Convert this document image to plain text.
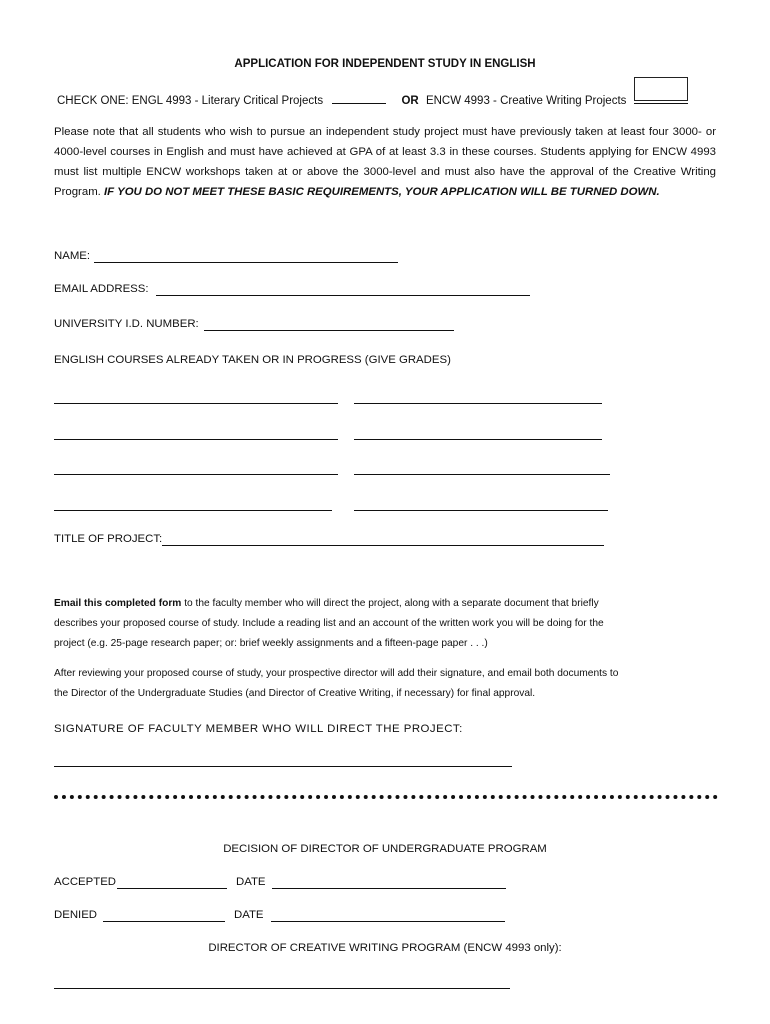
APPLICATION FOR INDEPENDENT STUDY IN ENGLISH
CHECK ONE: ENGL 4993 - Literary Critical Projects	OR ENCW 4993 - Creative Writing Projects
Please note that all students who wish to pursue an independent study project must have previously taken at least four 3000- or 4000-level courses in English and must have achieved at GPA of at least 3.3 in these courses. Students applying for ENCW 4993 must list multiple ENCW workshops taken at or above the 3000-level and must also have the approval of the Creative Writing Program. IF YOU DO NOT MEET THESE BASIC REQUIREMENTS, YOUR APPLICATION WILL BE TURNED DOWN.
NAME:
EMAIL ADDRESS:
UNIVERSITY I.D. NUMBER:
ENGLISH COURSES ALREADY TAKEN OR IN PROGRESS (GIVE GRADES)
TITLE OF PROJECT:
Email this completed form to the faculty member who will direct the project, along with a separate document that briefly
describes your proposed course of study. Include a reading list and an account of the written work you will be doing for the
project (e.g. 25-page research paper; or: brief weekly assignments and a fifteen-page paper . . .)
After reviewing your proposed course of study, your prospective director will add their signature, and email both documents to
the Director of the Undergraduate Studies (and Director of Creative Writing, if necessary) for final approval.
SIGNATURE OF FACULTY MEMBER WHO WILL DIRECT THE PROJECT:
DECISION OF DIRECTOR OF UNDERGRADUATE PROGRAM
ACCEPTED	DATE
DENIED	DATE
DIRECTOR OF CREATIVE WRITING PROGRAM (ENCW 4993 only):
